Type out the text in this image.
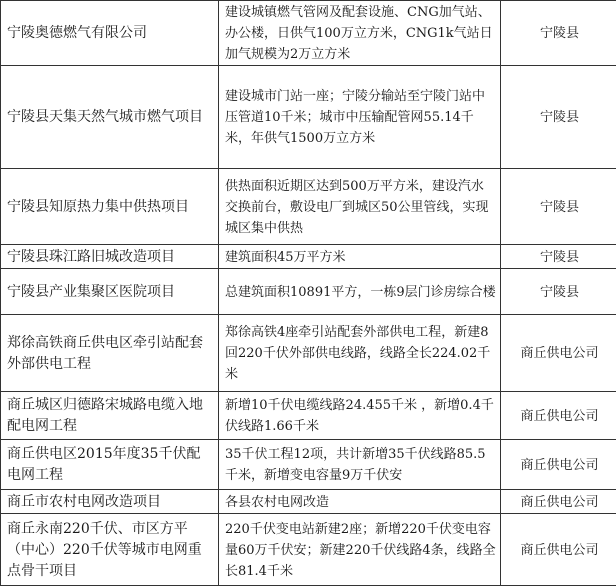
宁陵奥德燃气有限公司	建设城镇燃气管网及配套设施、CNG加气站、办公楼，日供气100万立方米，CNG1k气站日加气规模为2万立方米	宁陵县
宁陵县天集天然气城市燃气项目	建设城市门站一座；宁陵分输站至宁陵门站中压管道10千米；城市中压输配管网55.14千米，年供气1500万立方米	宁陵县
宁陵县知原热力集中供热项目	供热面积近期区达到500万平方米，建设汽水交换前台，敷设电厂到城区50公里管线，实现城区集中供热	宁陵县
宁陵县珠江路旧城改造项目	建筑面积45万平方米	宁陵县
宁陵县产业集聚区医院项目	总建筑面积10891平方，一栋9层门诊房综合楼	宁陵县
郑徐高铁商丘供电区牵引站配套外部供电工程	郑徐高铁4座牵引站配套外部供电工程，新建8回220千伏外部供电线路，线路全长224.02千米	商丘供电公司
商丘城区归德路宋城路电缆入地配电网工程	新增10千伏电缆线路24.455千米 ，新增0.4千伏线路1.66千米	商丘供电公司
商丘供电区2015年度35千伏配电网工程	35千伏工程12项，共计新增35千伏线路85.5千米，新增变电容量9万千伏安	商丘供电公司
商丘市农村电网改造项目	各县农村电网改造	商丘供电公司
商丘永南220千伏、市区方平（中心）220千伏等城市电网重点骨干项目	220千伏变电站新建2座；新增220千伏变电容量60万千伏安；新建220千伏线路4条，线路全长81.4千米	商丘供电公司
